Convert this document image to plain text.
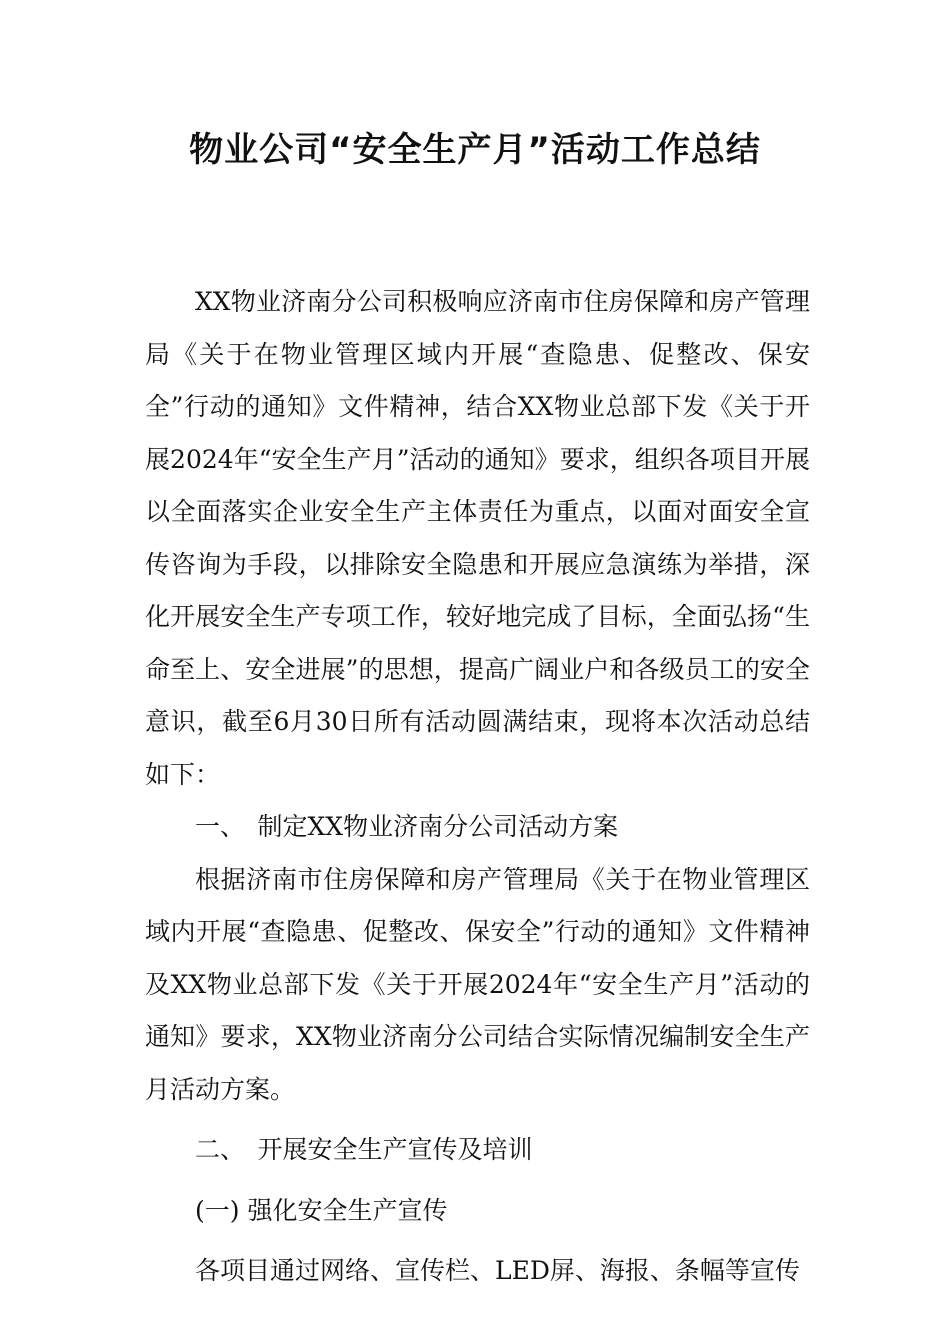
物业公司“安全生产月”活动工作总结

XX物业济南分公司积极响应济南市住房保障和房产管理局《关于在物业管理区域内开展“查隐患、促整改、保安全”行动的通知》文件精神，结合XX物业总部下发《关于开展2024年“安全生产月”活动的通知》要求，组织各项目开展以全面落实企业安全生产主体责任为重点，以面对面安全宣传咨询为手段，以排除安全隐患和开展应急演练为举措，深化开展安全生产专项工作，较好地完成了目标，全面弘扬“生命至上、安全进展”的思想，提高广阔业户和各级员工的安全意识，截至6月30日所有活动圆满结束，现将本次活动总结如下：

一、 制定XX物业济南分公司活动方案

根据济南市住房保障和房产管理局《关于在物业管理区域内开展“查隐患、促整改、保安全”行动的通知》文件精神及XX物业总部下发《关于开展2024年“安全生产月”活动的通知》要求，XX物业济南分公司结合实际情况编制安全生产月活动方案。

二、 开展安全生产宣传及培训

(一) 强化安全生产宣传

各项目通过网络、宣传栏、LED屏、海报、条幅等宣传
